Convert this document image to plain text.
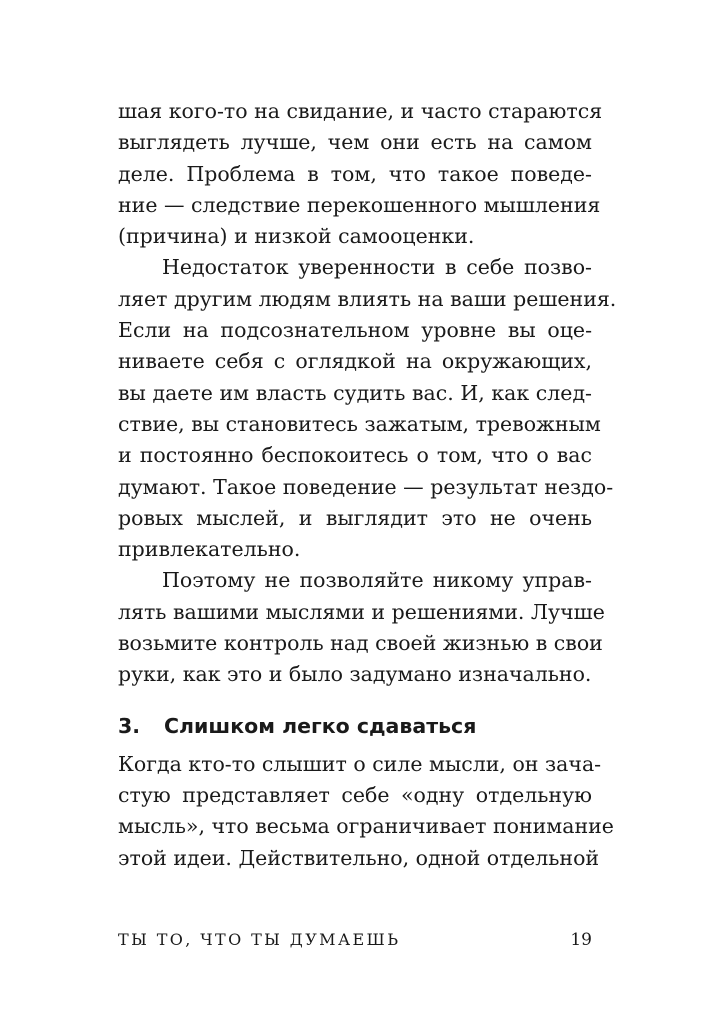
шая кого-то на свидание, и часто стараются
выглядеть лучше, чем они есть на самом
деле. Проблема в том, что такое поведе-
ние — следствие перекошенного мышления
(причина) и низкой самооценки.
Недостаток уверенности в себе позво-
ляет другим людям влиять на ваши решения.
Если на подсознательном уровне вы оце-
ниваете себя с оглядкой на окружающих,
вы даете им власть судить вас. И, как след-
ствие, вы становитесь зажатым, тревожным
и постоянно беспокоитесь о том, что о вас
думают. Такое поведение — результат нездо-
ровых мыслей, и выглядит это не очень
привлекательно.
Поэтому не позволяйте никому управ-
лять вашими мыслями и решениями. Лучше
возьмите контроль над своей жизнью в свои
руки, как это и было задумано изначально.
3. Слишком легко сдаваться
Когда кто-то слышит о силе мысли, он зача-
стую представляет себе «одну отдельную
мысль», что весьма ограничивает понимание
этой идеи. Действительно, одной отдельной
ТЫ ТО, ЧТО ТЫ ДУМАЕШЬ	19
